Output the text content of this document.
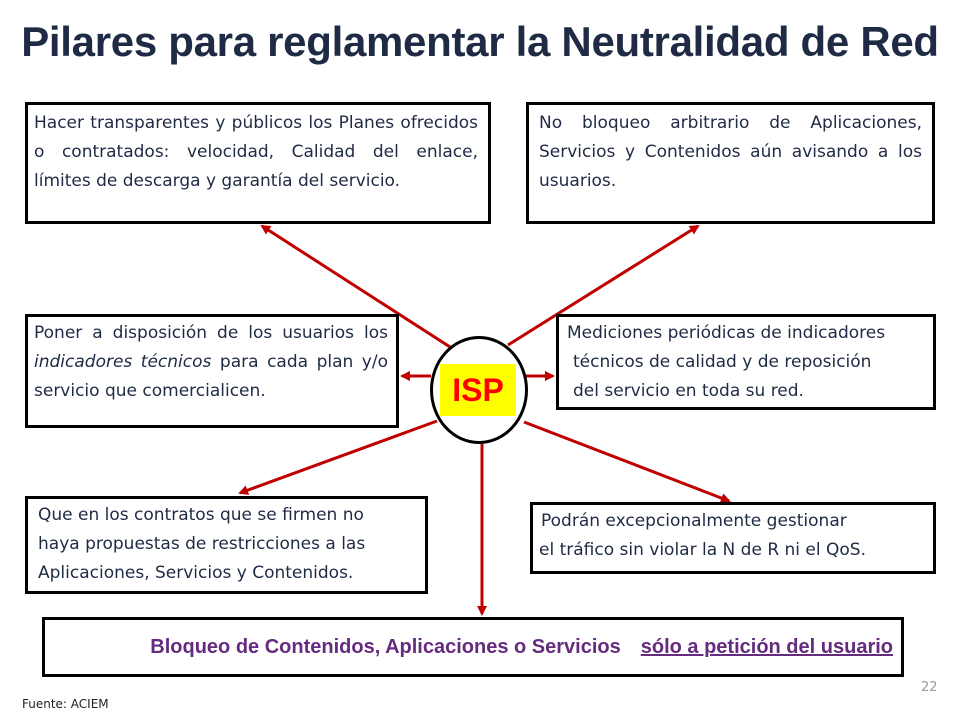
Pilares para reglamentar la Neutralidad de Red

Hacer transparentes y públicos los Planes ofrecidos o contratados: velocidad, Calidad del enlace, límites de descarga y garantía del servicio.

No bloqueo arbitrario de Aplicaciones, Servicios y Contenidos aún avisando a los usuarios.

Poner a disposición de los usuarios los indicadores técnicos para cada plan y/o servicio que comercialicen.

Mediciones periódicas de indicadores

técnicos de calidad y de reposición

del servicio en toda su red.

Que en los contratos que se firmen no

haya propuestas de restricciones a las

Aplicaciones, Servicios y Contenidos.

Podrán excepcionalmente gestionar

el tráfico sin violar la N de R ni el QoS.

Bloqueo de Contenidos, Aplicaciones o Servicios sólo a petición del usuario
ISP
Fuente: ACIEM
22
